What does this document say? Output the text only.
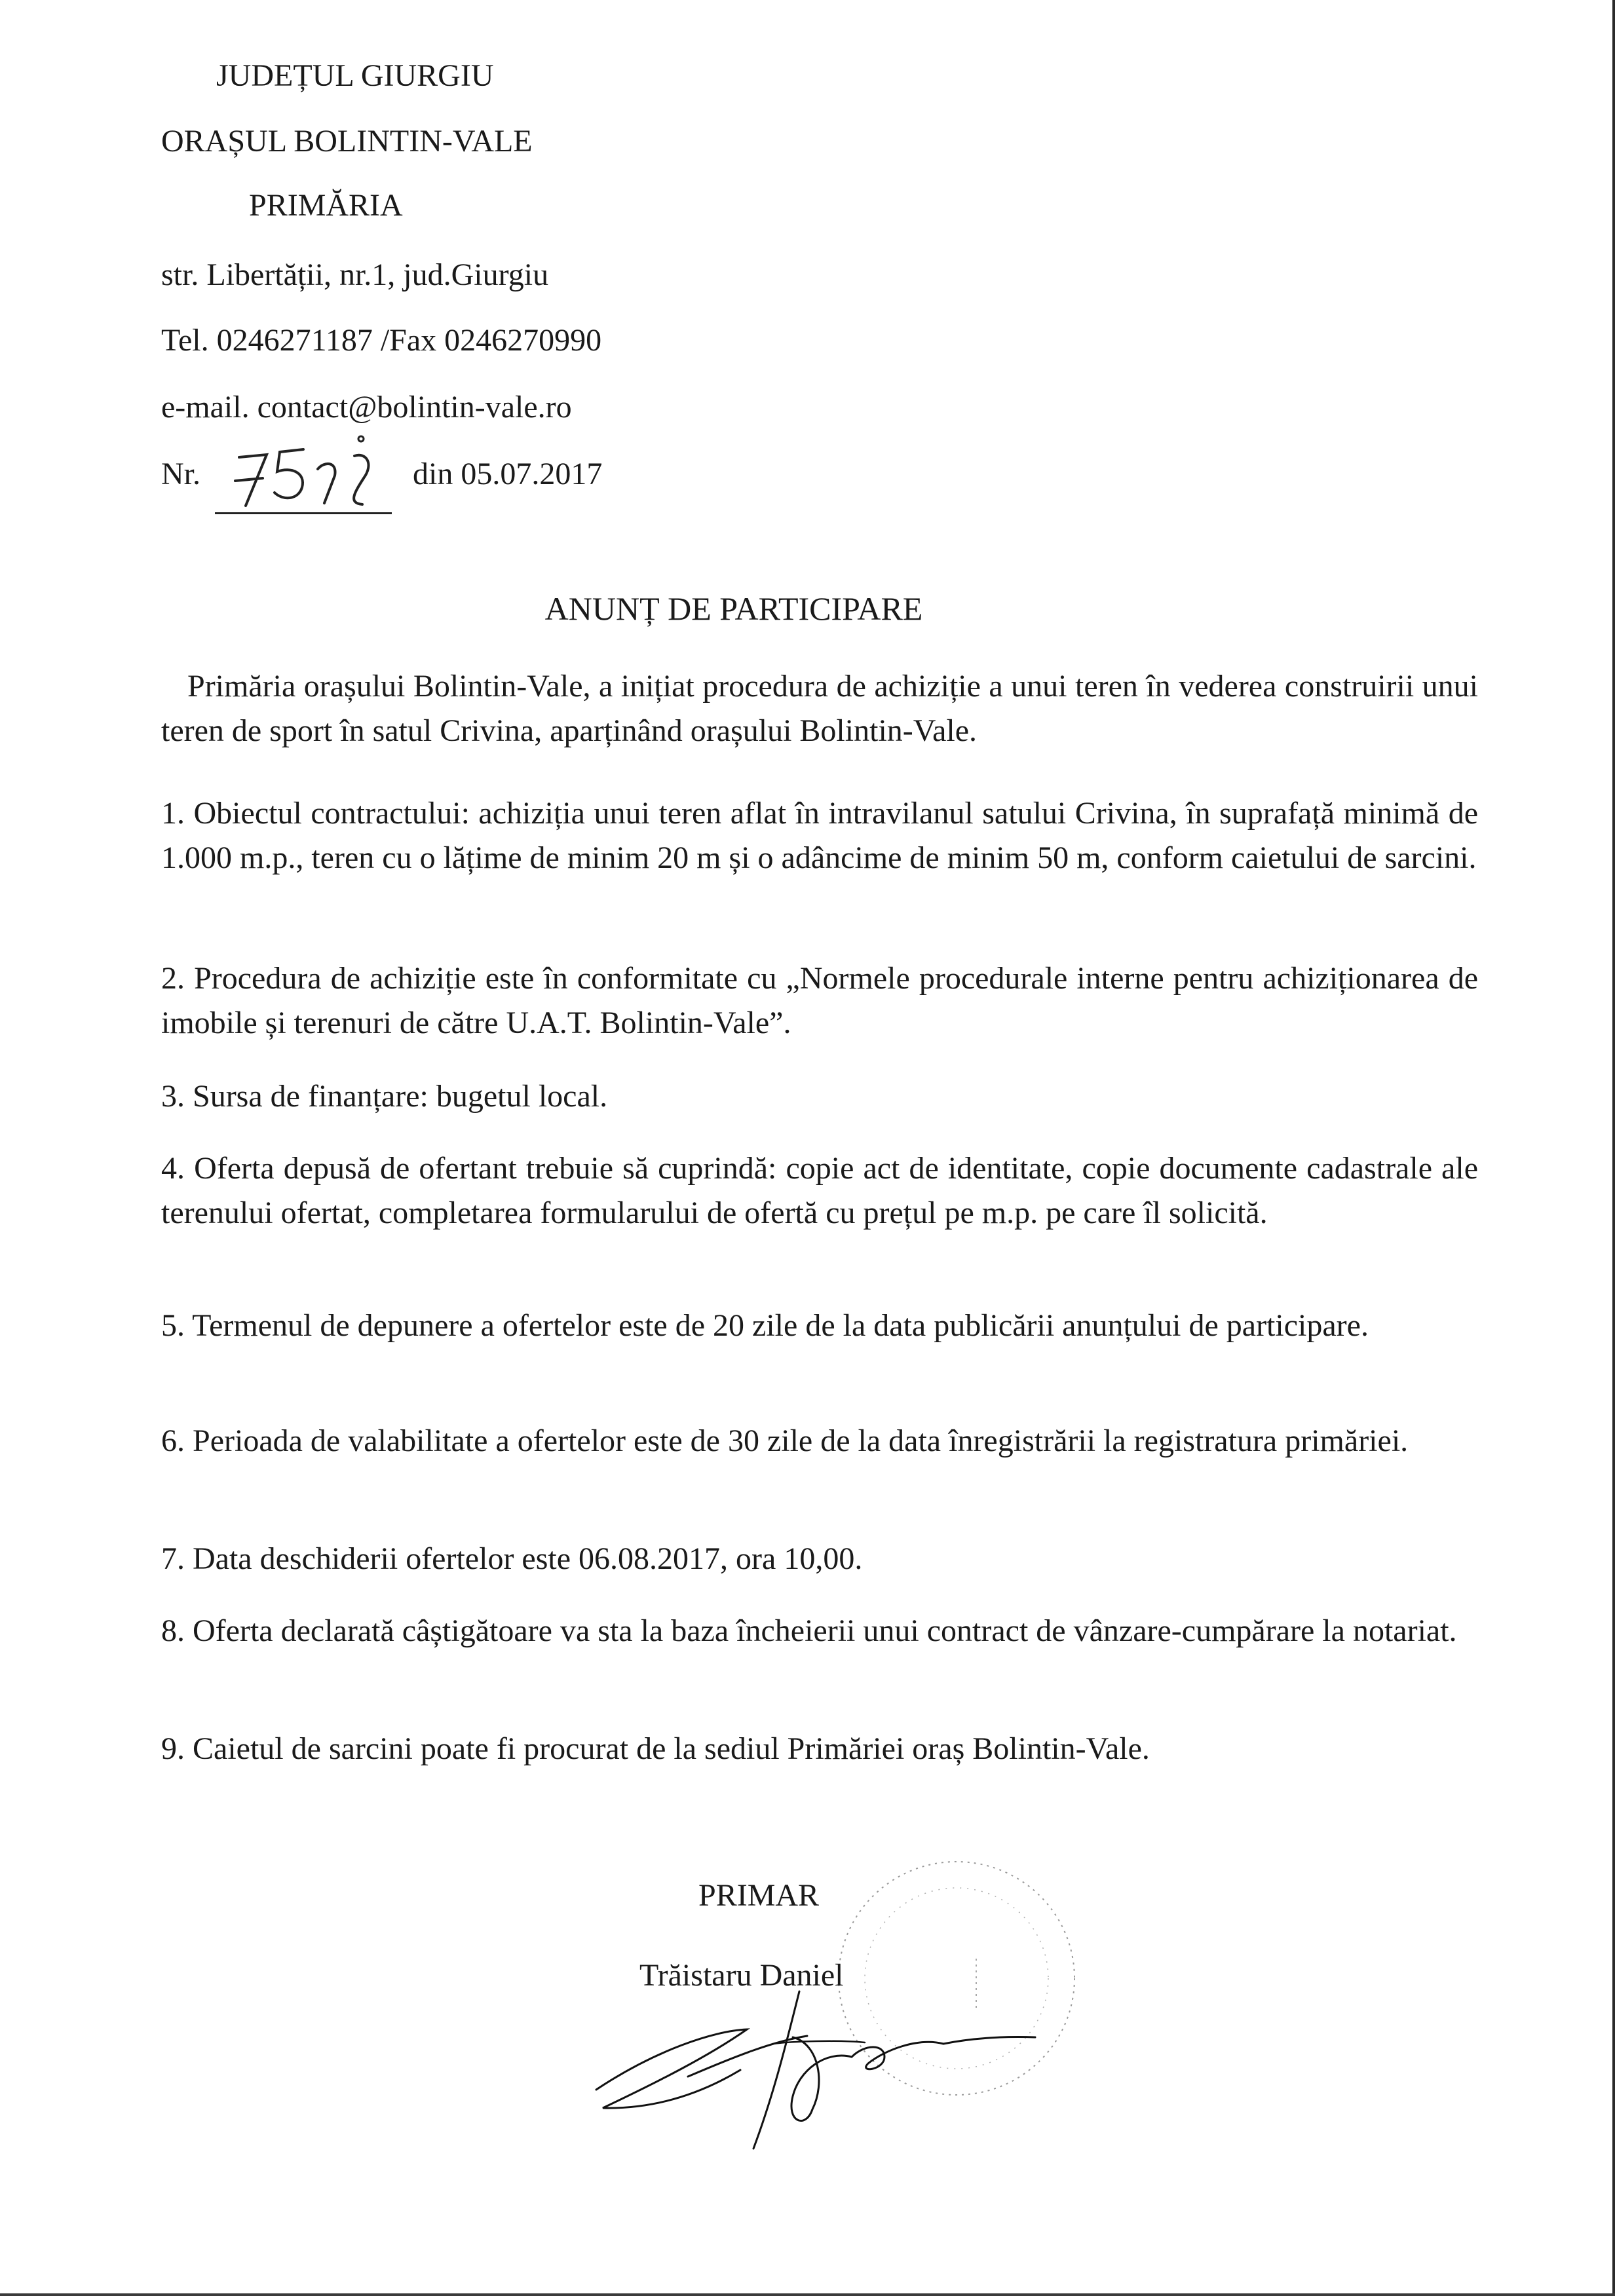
JUDEȚUL GIURGIU
ORAȘUL BOLINTIN-VALE
PRIMĂRIA
str. Libertății, nr.1, jud.Giurgiu
Tel. 0246271187 /Fax 0246270990
e-mail. contact@bolintin-vale.ro
Nr.	din 05.07.2017
ANUNȚ DE PARTICIPARE
Primăria orașului Bolintin-Vale, a inițiat procedura de achiziție a unui teren în vederea construirii unui teren de sport în satul Crivina, aparținând orașului Bolintin-Vale.
1. Obiectul contractului: achiziția unui teren aflat în intravilanul satului Crivina, în suprafață minimă de 1.000 m.p., teren cu o lățime de minim 20 m și o adâncime de minim 50 m, conform caietului de sarcini.
2. Procedura de achiziție este în conformitate cu „Normele procedurale interne pentru achiziționarea de imobile și terenuri de către U.A.T. Bolintin-Vale”.
3. Sursa de finanțare: bugetul local.
4. Oferta depusă de ofertant trebuie să cuprindă: copie act de identitate, copie documente cadastrale ale terenului ofertat, completarea formularului de ofertă cu prețul pe m.p. pe care îl solicită.
5. Termenul de depunere a ofertelor este de 20 zile de la data publicării anunțului de participare.
6. Perioada de valabilitate a ofertelor este de 30 zile de la data înregistrării la registratura primăriei.
7. Data deschiderii ofertelor este 06.08.2017, ora 10,00.
8. Oferta declarată câștigătoare va sta la baza încheierii unui contract de vânzare-cumpărare la notariat.
9. Caietul de sarcini poate fi procurat de la sediul Primăriei oraș Bolintin-Vale.
PRIMAR
Trăistaru Daniel
